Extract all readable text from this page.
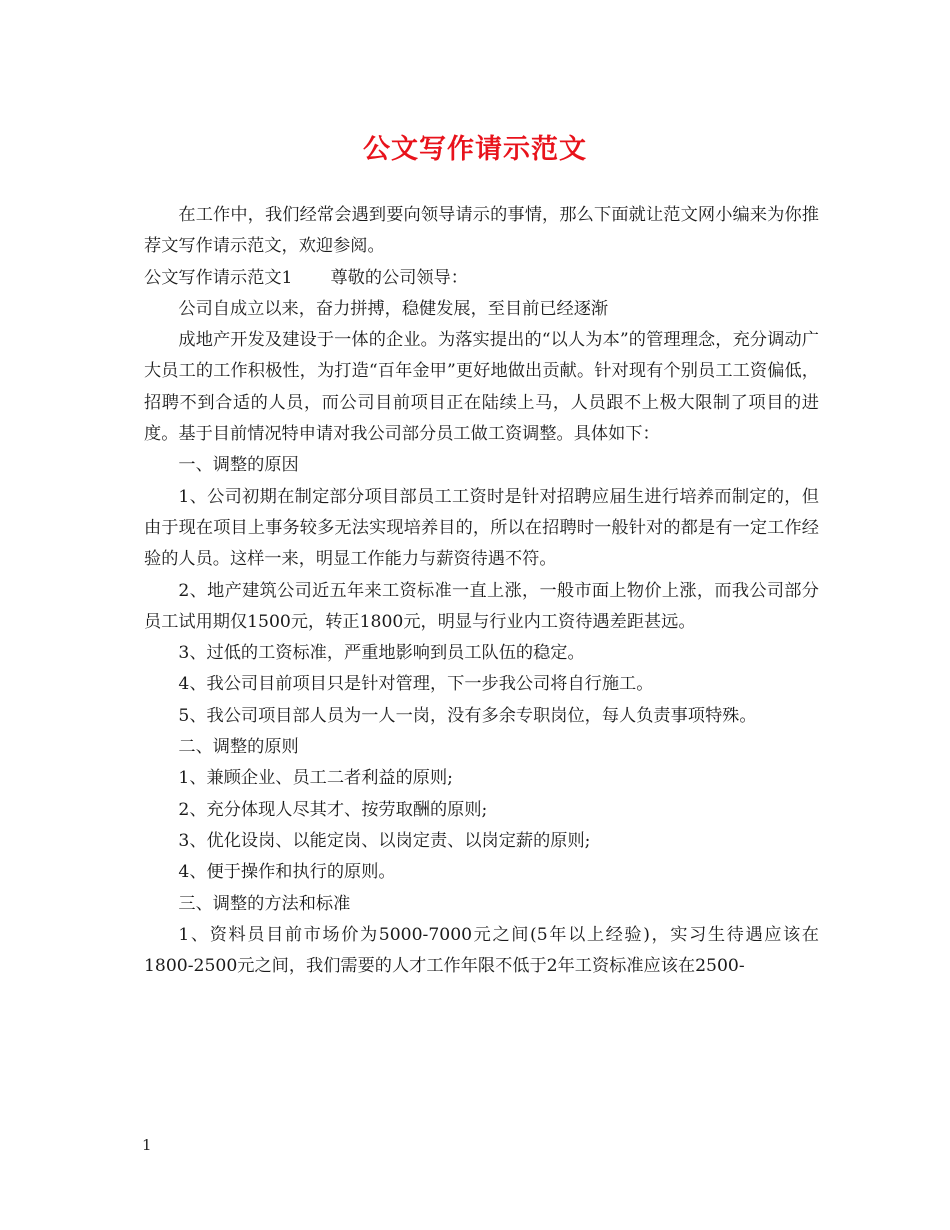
公文写作请示范文

在工作中，我们经常会遇到要向领导请示的事情，那么下面就让范文网小编来为你推荐文写作请示范文，欢迎参阅。

公文写作请示范文1 尊敬的公司领导：

公司自成立以来，奋力拼搏，稳健发展，至目前已经逐渐

成地产开发及建设于一体的企业。为落实提出的“以人为本”的管理理念，充分调动广大员工的工作积极性，为打造“百年金甲”更好地做出贡献。针对现有个别员工工资偏低，招聘不到合适的人员，而公司目前项目正在陆续上马，人员跟不上极大限制了项目的进度。基于目前情况特申请对我公司部分员工做工资调整。具体如下：

一、调整的原因

1、公司初期在制定部分项目部员工工资时是针对招聘应届生进行培养而制定的，但由于现在项目上事务较多无法实现培养目的，所以在招聘时一般针对的都是有一定工作经验的人员。这样一来，明显工作能力与薪资待遇不符。

2、地产建筑公司近五年来工资标准一直上涨，一般市面上物价上涨，而我公司部分员工试用期仅1500元，转正1800元，明显与行业内工资待遇差距甚远。

3、过低的工资标准，严重地影响到员工队伍的稳定。

4、我公司目前项目只是针对管理，下一步我公司将自行施工。

5、我公司项目部人员为一人一岗，没有多余专职岗位，每人负责事项特殊。

二、调整的原则

1、兼顾企业、员工二者利益的原则;

2、充分体现人尽其才、按劳取酬的原则;

3、优化设岗、以能定岗、以岗定责、以岗定薪的原则;

4、便于操作和执行的原则。

三、调整的方法和标准

1、资料员目前市场价为5000-7000元之间(5年以上经验)，实习生待遇应该在1800-2500元之间，我们需要的人才工作年限不低于2年工资标准应该在2500-

1
